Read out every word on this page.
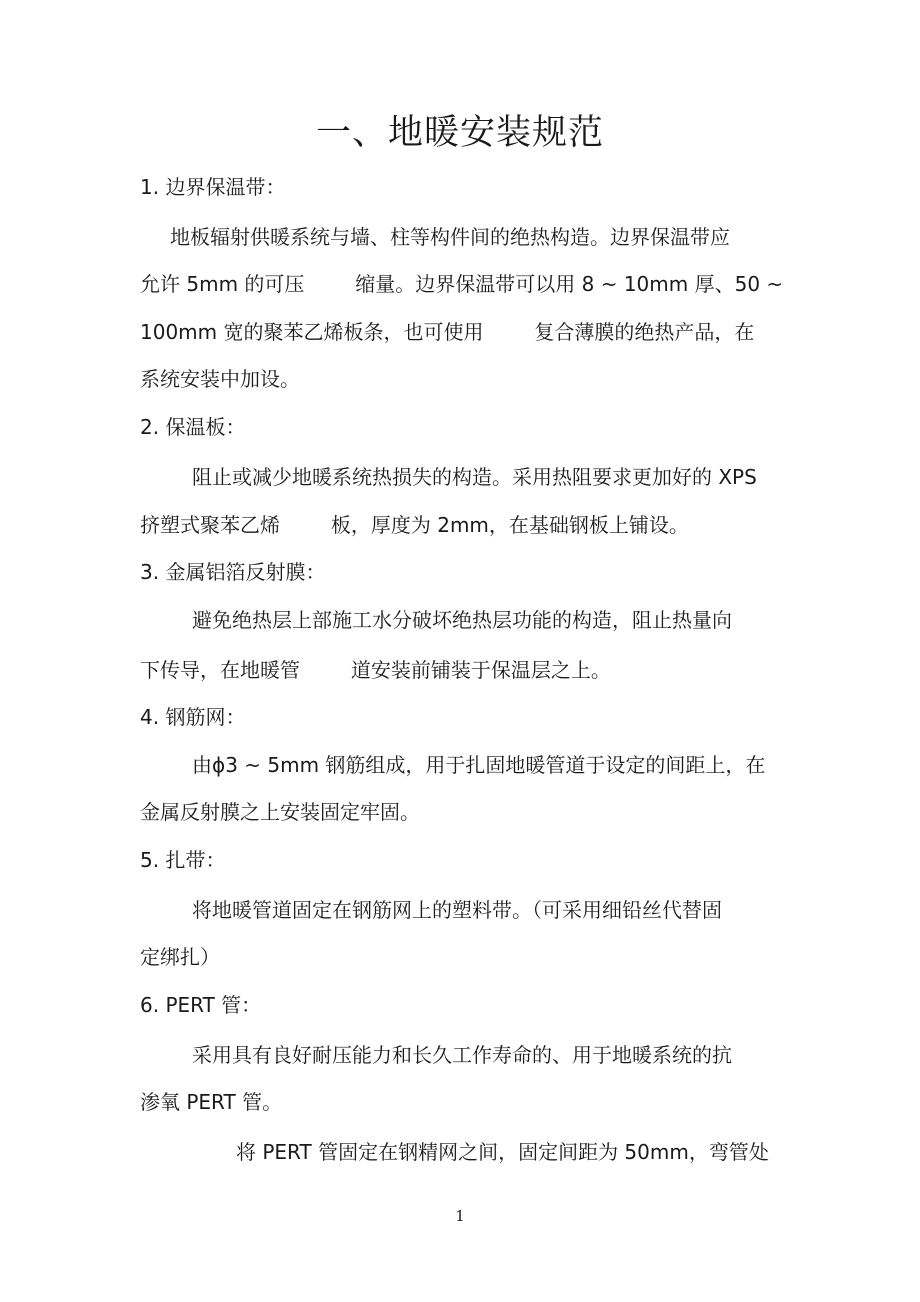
一、地暖安装规范
1. 边界保温带：
地板辐射供暖系统与墙、柱等构件间的绝热构造。边界保温带应
允许 5mm 的可压        缩量。边界保温带可以用 8 ~ 10mm 厚、50 ~
100mm 宽的聚苯乙烯板条，也可使用        复合薄膜的绝热产品，在
系统安装中加设。
2. 保温板：
阻止或减少地暖系统热损失的构造。采用热阻要求更加好的 XPS
挤塑式聚苯乙烯        板，厚度为 2mm，在基础钢板上铺设。
3. 金属铝箔反射膜：
避免绝热层上部施工水分破坏绝热层功能的构造，阻止热量向
下传导，在地暖管        道安装前铺装于保温层之上。
4. 钢筋网：
由ϕ3 ~ 5mm 钢筋组成，用于扎固地暖管道于设定的间距上，在
金属反射膜之上安装固定牢固。
5. 扎带：
将地暖管道固定在钢筋网上的塑料带。（可采用细铅丝代替固
定绑扎）
6. PERT 管：
采用具有良好耐压能力和长久工作寿命的、用于地暖系统的抗
渗氧 PERT 管。
将 PERT 管固定在钢精网之间，固定间距为 50mm，弯管处
1
